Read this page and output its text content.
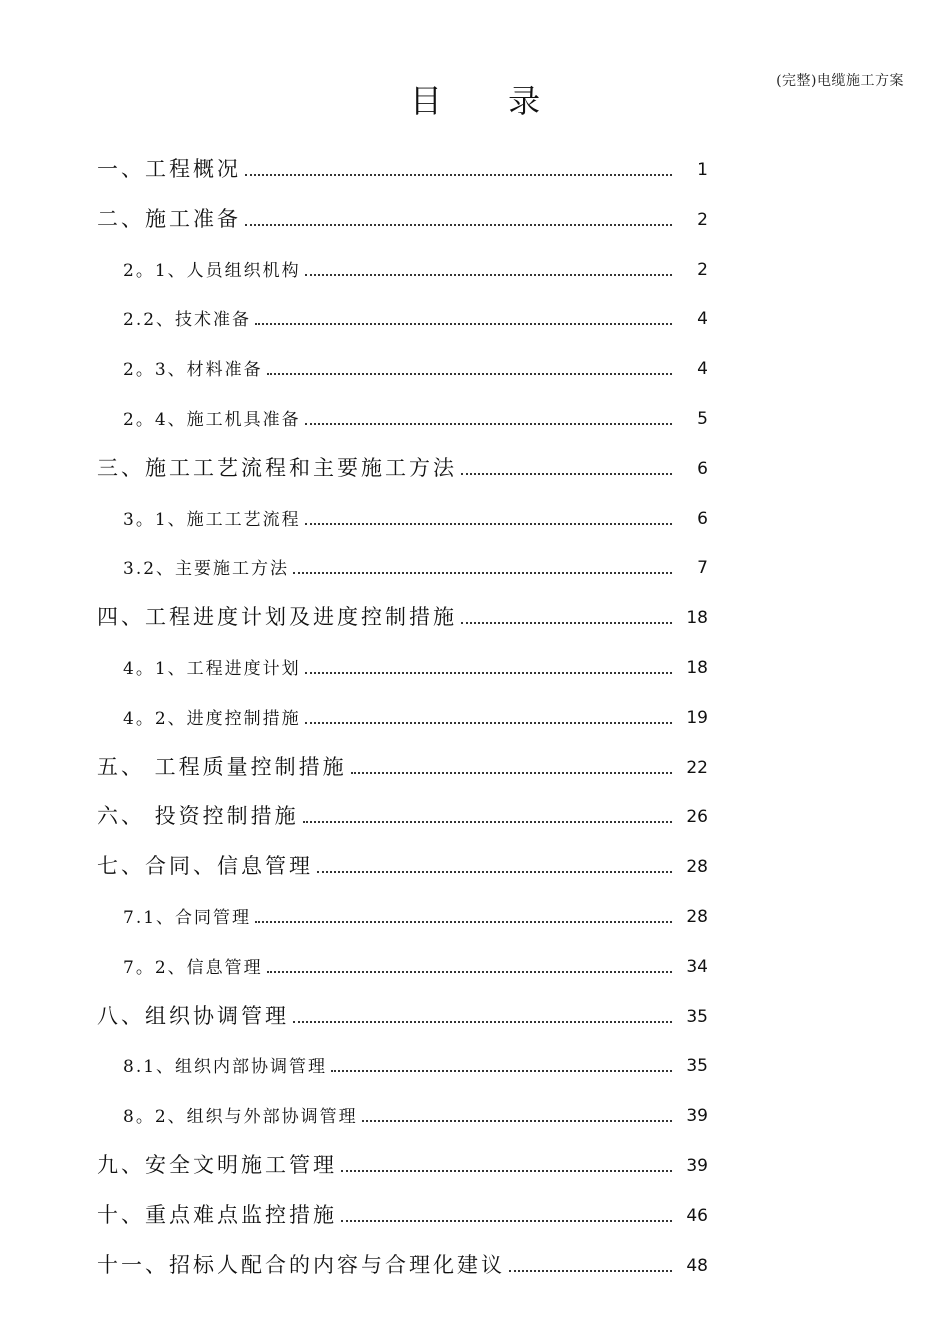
(完整)电缆施工方案
目 录
一、工程概况	1
二、施工准备	2
2。1、人员组织机构	2
2.2、技术准备	4
2。3、材料准备	4
2。4、施工机具准备	5
三、施工工艺流程和主要施工方法	6
3。1、施工工艺流程	6
3.2、主要施工方法	7
四、工程进度计划及进度控制措施	18
4。1、工程进度计划	18
4。2、进度控制措施	19
五、 工程质量控制措施	22
六、 投资控制措施	26
七、合同、信息管理	28
7.1、合同管理	28
7。2、信息管理	34
八、组织协调管理	35
8.1、组织内部协调管理	35
8。2、组织与外部协调管理	39
九、安全文明施工管理	39
十、重点难点监控措施	46
十一、招标人配合的内容与合理化建议	48
